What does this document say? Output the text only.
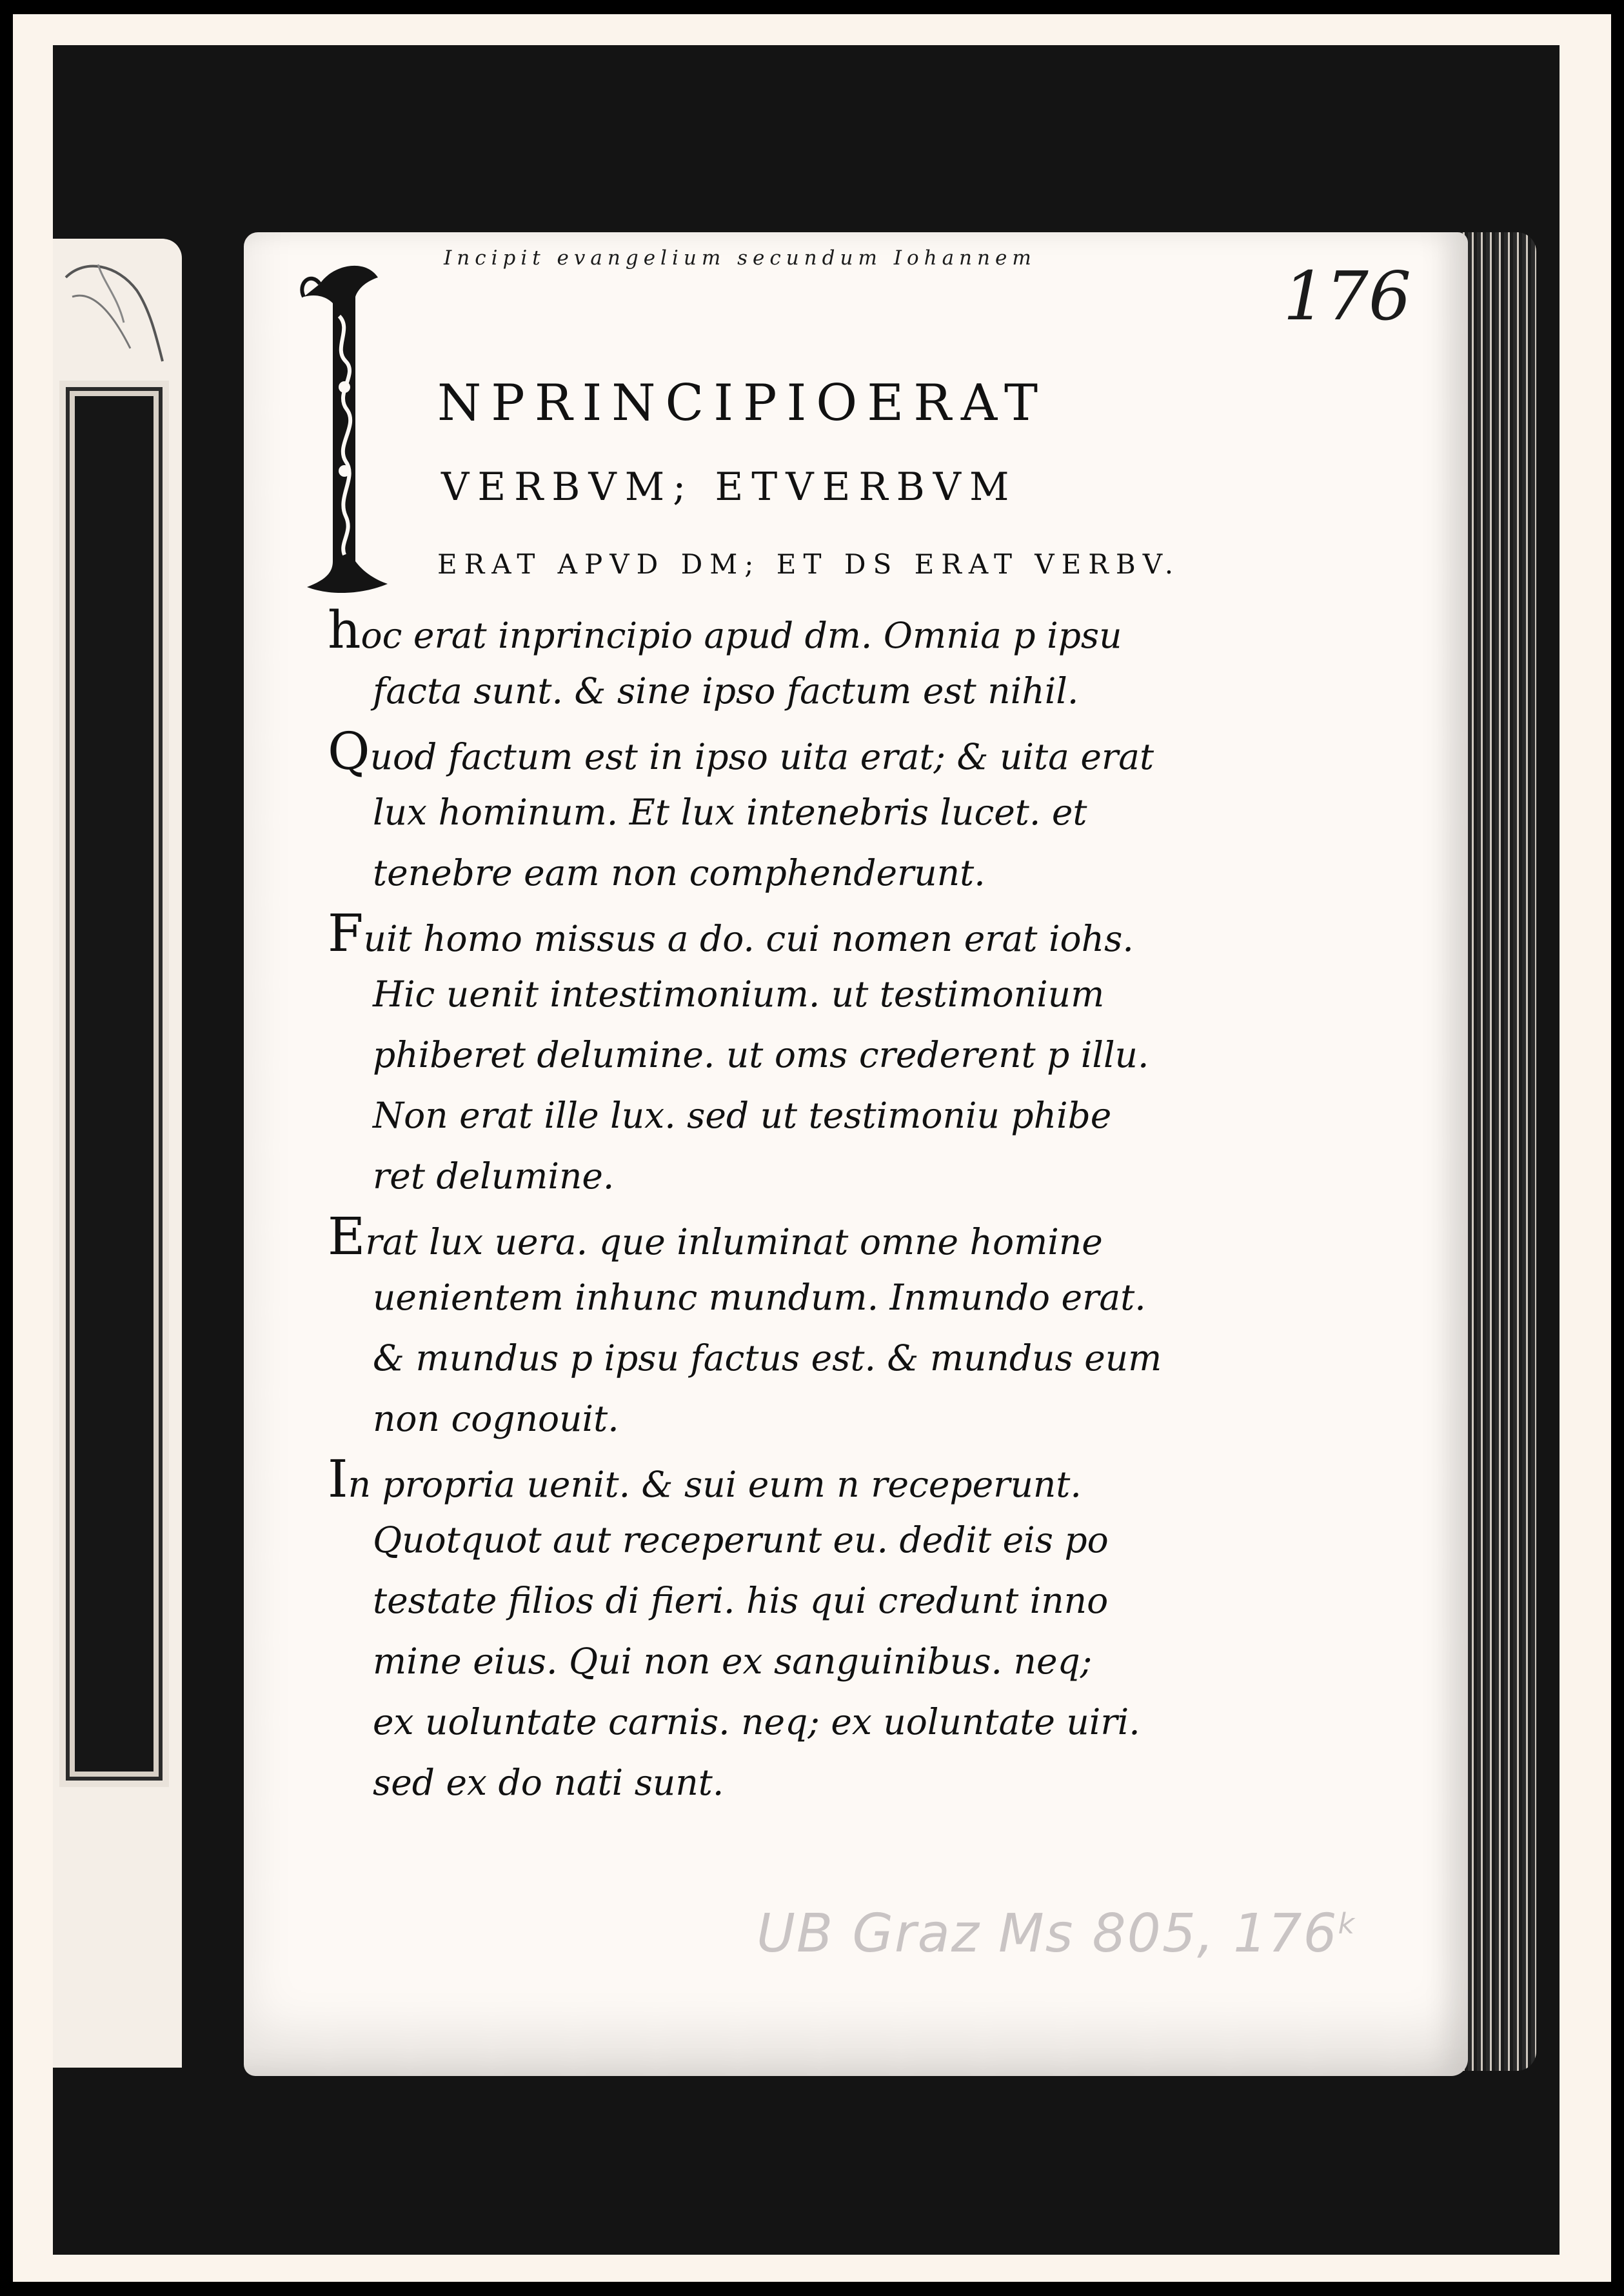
Incipit evangelium secundum Iohannem	176
NPRINCIPIOERAT
VERBVM; ETVERBVM
ERAT APVD DM; ET DS ERAT VERBV.
hoc erat inprincipio apud dm. Omnia p ipsu
facta sunt. & sine ipso factum est nihil.
Quod factum est in ipso uita erat; & uita erat
lux hominum. Et lux intenebris lucet. et
tenebre eam non comphenderunt.
Fuit homo missus a do. cui nomen erat iohs.
Hic uenit intestimonium. ut testimonium
phiberet delumine. ut oms crederent p illu.
Non erat ille lux. sed ut testimoniu phibe
ret delumine.
Erat lux uera. que inluminat omne homine
uenientem inhunc mundum. Inmundo erat.
& mundus p ipsu factus est. & mundus eum
non cognouit.
In propria uenit. & sui eum n receperunt.
Quotquot aut receperunt eu. dedit eis po
testate filios di fieri. his qui credunt inno
mine eius. Qui non ex sanguinibus. neq;
ex uoluntate carnis. neq; ex uoluntate uiri.
sed ex do nati sunt.
UB Graz Ms 805, 176$^k$
